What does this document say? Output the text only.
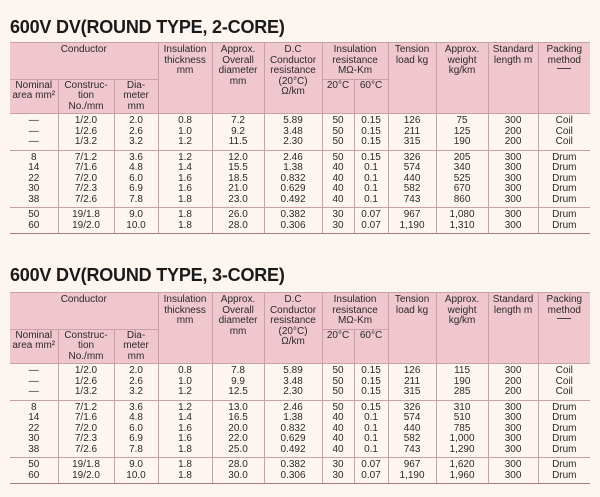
600V DV(ROUND TYPE, 2-CORE)
Conductor			Insulation thickness mm	Approx. Overall diameter mm	D.C Conductor resistance (20°C) Ω/km	Insulation resistance MΩ-Km		Tension load kg	Approx. weight kg/km	Standard length m	Packing method

Nominal area mm²	Construc- tion No./mm	Dia- meter mm				20°C	60°C				
—	1/2.0	2.0	0.8	7.2	5.89	50	0.15	126	75	300	Coil
—	1/2.6	2.6	1.0	9.2	3.48	50	0.15	211	125	200	Coil
—	1/3.2	3.2	1.2	11.5	2.30	50	0.15	315	190	200	Coil
8	7/1.2	3.6	1.2	12.0	2.46	50	0.15	326	205	300	Drum
14	7/1.6	4.8	1.4	15.5	1.38	40	0.1	574	340	300	Drum
22	7/2.0	6.0	1.6	18.5	0.832	40	0.1	440	525	300	Drum
30	7/2.3	6.9	1.6	21.0	0.629	40	0.1	582	670	300	Drum
38	7/2.6	7.8	1.8	23.0	0.492	40	0.1	743	860	300	Drum
50	19/1.8	9.0	1.8	26.0	0.382	30	0.07	967	1,080	300	Drum
60	19/2.0	10.0	1.8	28.0	0.306	30	0.07	1,190	1,310	300	Drum
600V DV(ROUND TYPE, 3-CORE)
Conductor			Insulation thickness mm	Approx. Overall diameter mm	D.C Conductor resistance (20°C) Ω/km	Insulation resistance MΩ-Km		Tension load kg	Approx. weight kg/km	Standard length m	Packing method

Nominal area mm²	Construc- tion No./mm	Dia- meter mm				20°C	60°C				
—	1/2.0	2.0	0.8	7.8	5.89	50	0.15	126	115	300	Coil
—	1/2.6	2.6	1.0	9.9	3.48	50	0.15	211	190	200	Coil
—	1/3.2	3.2	1.2	12.5	2.30	50	0.15	315	285	200	Coil
8	7/1.2	3.6	1.2	13.0	2.46	50	0.15	326	310	300	Drum
14	7/1.6	4.8	1.4	16.5	1.38	40	0.1	574	510	300	Drum
22	7/2.0	6.0	1.6	20.0	0.832	40	0.1	440	785	300	Drum
30	7/2.3	6.9	1.6	22.0	0.629	40	0.1	582	1,000	300	Drum
38	7/2.6	7.8	1.8	25.0	0.492	40	0.1	743	1,290	300	Drum
50	19/1.8	9.0	1.8	28.0	0.382	30	0.07	967	1,620	300	Drum
60	19/2.0	10.0	1.8	30.0	0.306	30	0.07	1,190	1,960	300	Drum
